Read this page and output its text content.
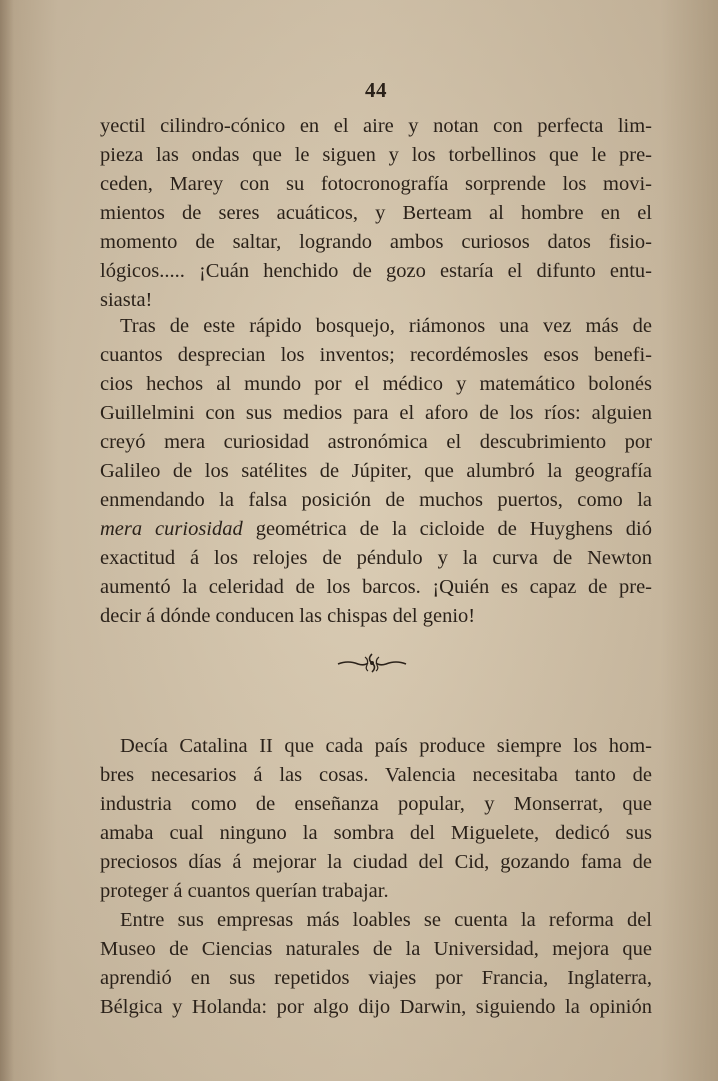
44
yectil cilindro-cónico en el aire y notan con perfecta lim-
pieza las ondas que le siguen y los torbellinos que le pre-
ceden, Marey con su fotocronografía sorprende los movi-
mientos de seres acuáticos, y Berteam al hombre en el
momento de saltar, logrando ambos curiosos datos fisio-
lógicos..... ¡Cuán henchido de gozo estaría el difunto entu-
siasta!
Tras de este rápido bosquejo, riámonos una vez más de
cuantos desprecian los inventos; recordémosles esos benefi-
cios hechos al mundo por el médico y matemático bolonés
Guillelmini con sus medios para el aforo de los ríos: alguien
creyó mera curiosidad astronómica el descubrimiento por
Galileo de los satélites de Júpiter, que alumbró la geografía
enmendando la falsa posición de muchos puertos, como la
mera curiosidad geométrica de la cicloide de Huyghens dió
exactitud á los relojes de péndulo y la curva de Newton
aumentó la celeridad de los barcos. ¡Quién es capaz de pre-
decir á dónde conducen las chispas del genio!
Decía Catalina II que cada país produce siempre los hom-
bres necesarios á las cosas. Valencia necesitaba tanto de
industria como de enseñanza popular, y Monserrat, que
amaba cual ninguno la sombra del Miguelete, dedicó sus
preciosos días á mejorar la ciudad del Cid, gozando fama de
proteger á cuantos querían trabajar.
Entre sus empresas más loables se cuenta la reforma del
Museo de Ciencias naturales de la Universidad, mejora que
aprendió en sus repetidos viajes por Francia, Inglaterra,
Bélgica y Holanda: por algo dijo Darwin, siguiendo la opinión
